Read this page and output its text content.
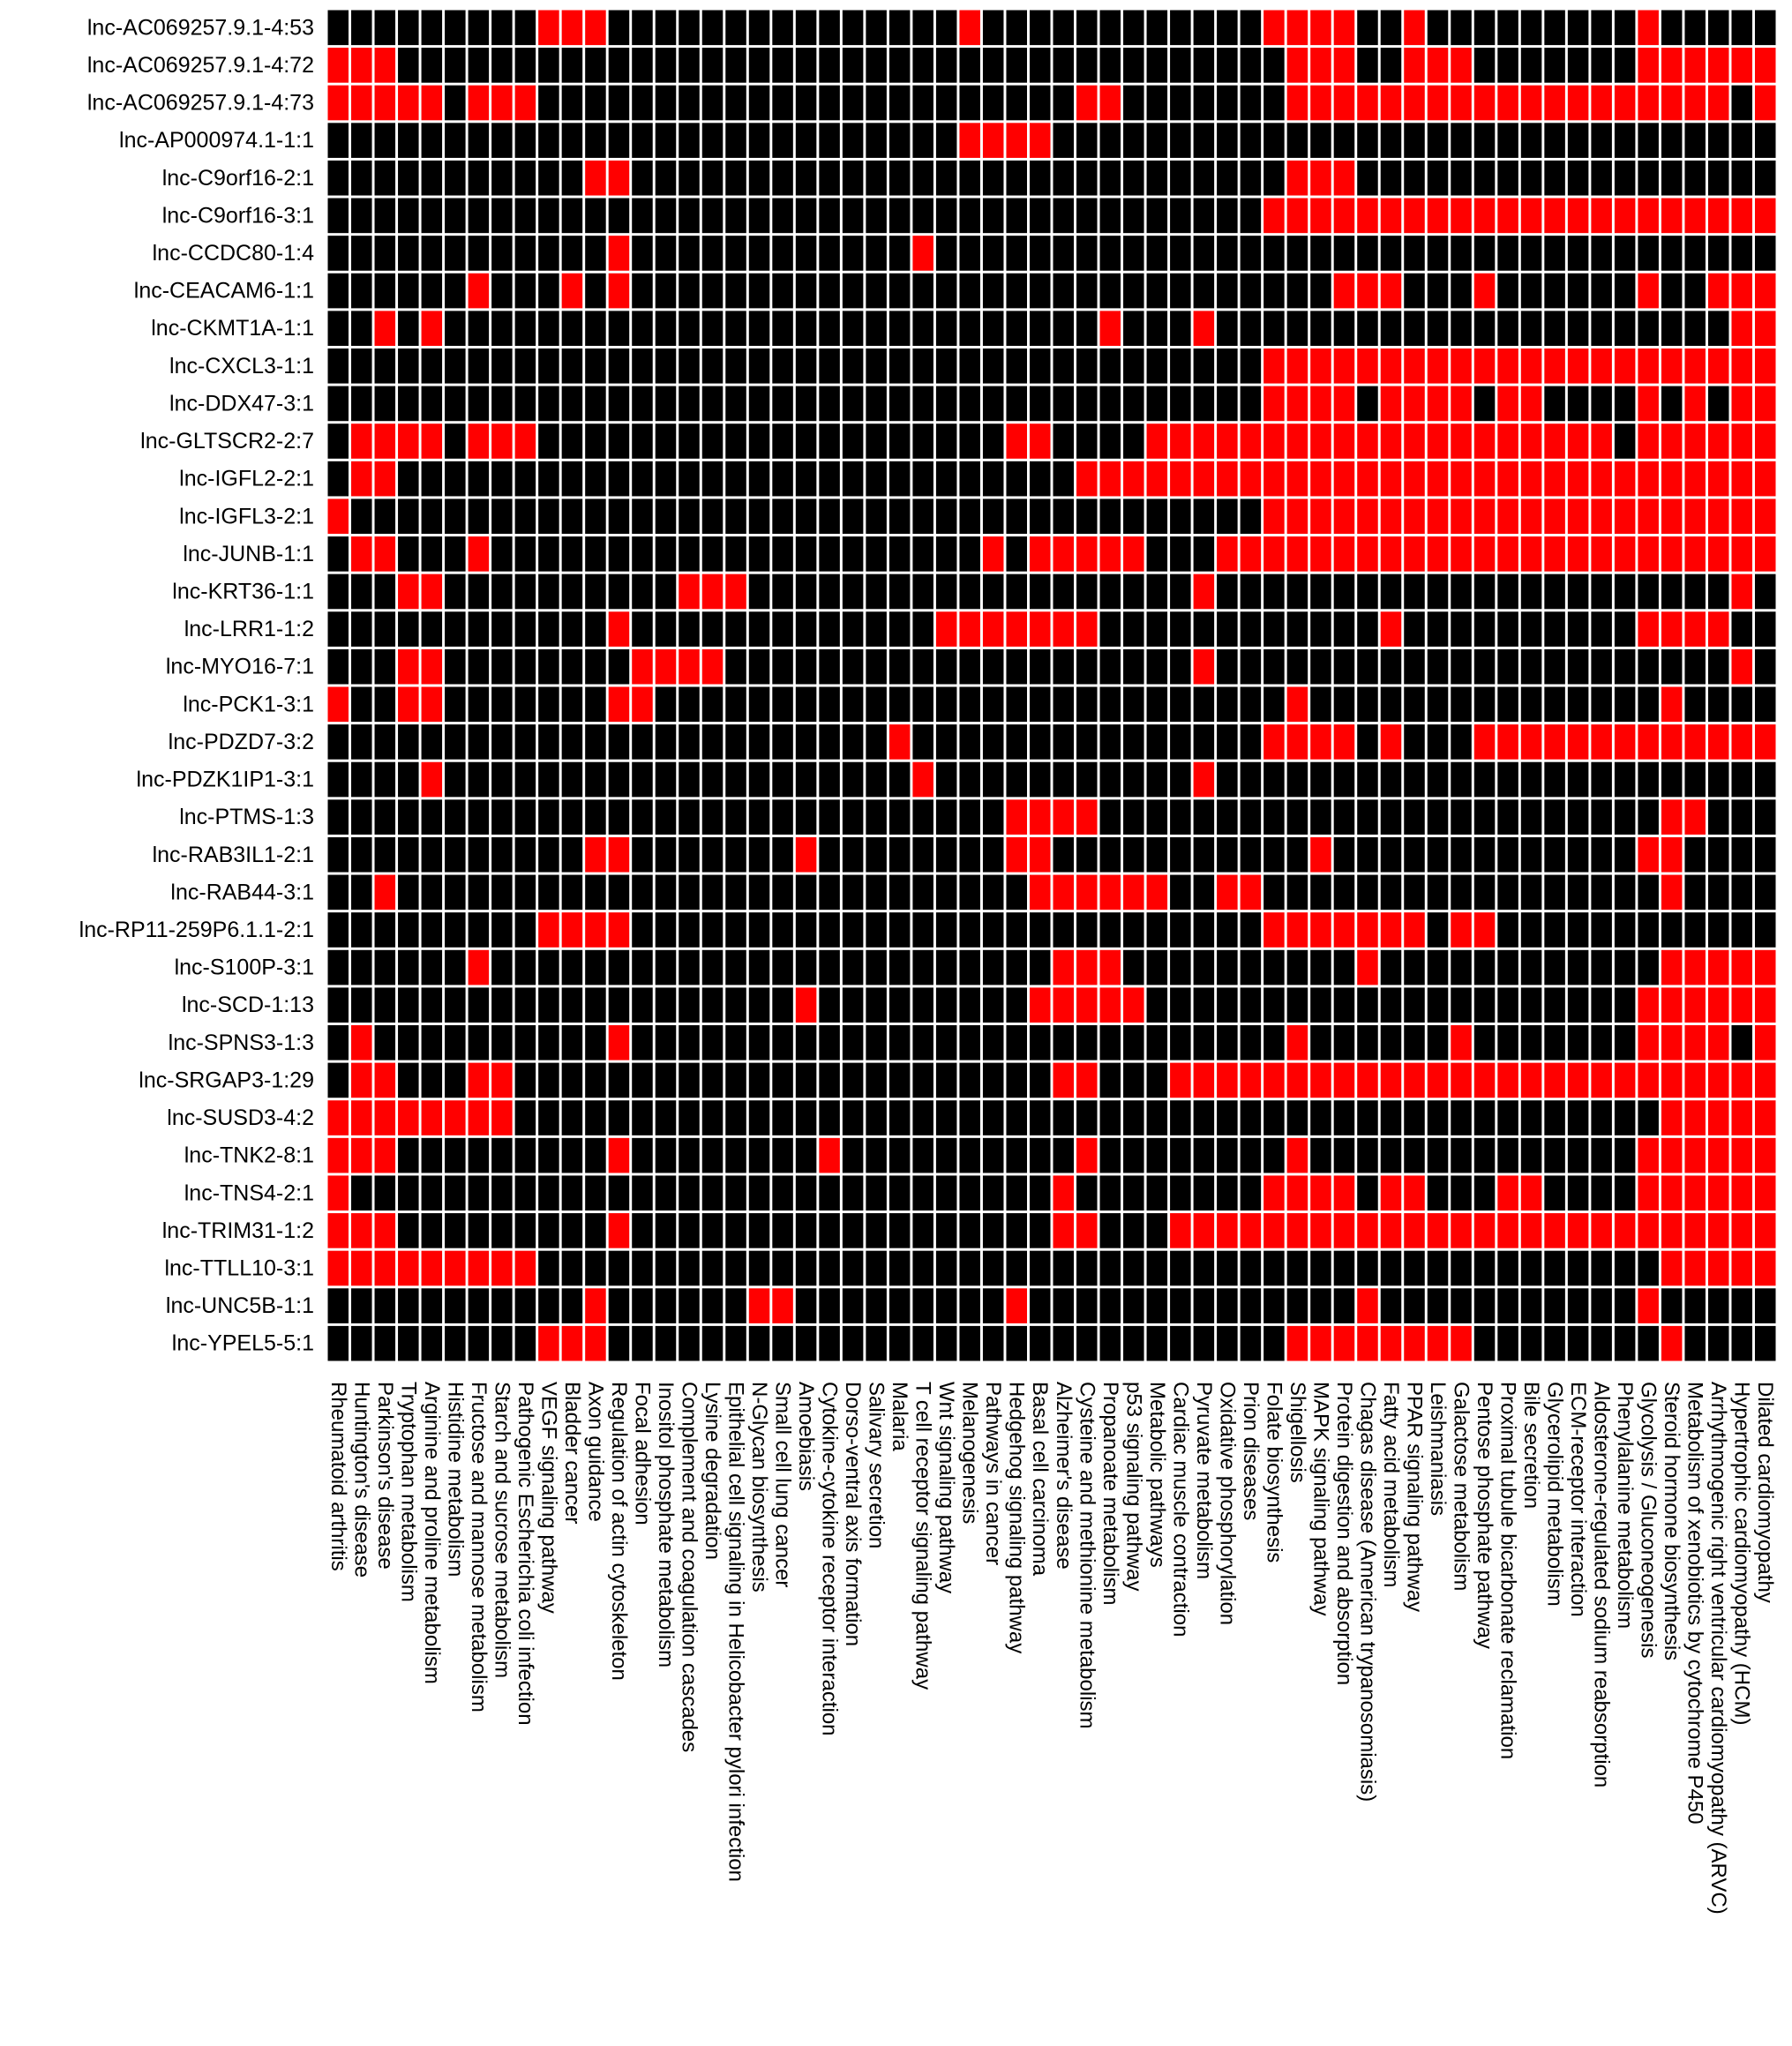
lnc-AC069257.9.1-4:53
lnc-AC069257.9.1-4:72
lnc-AC069257.9.1-4:73
lnc-AP000974.1-1:1
lnc-C9orf16-2:1
lnc-C9orf16-3:1
lnc-CCDC80-1:4
lnc-CEACAM6-1:1
lnc-CKMT1A-1:1
lnc-CXCL3-1:1
lnc-DDX47-3:1
lnc-GLTSCR2-2:7
lnc-IGFL2-2:1
lnc-IGFL3-2:1
lnc-JUNB-1:1
lnc-KRT36-1:1
lnc-LRR1-1:2
lnc-MYO16-7:1
lnc-PCK1-3:1
lnc-PDZD7-3:2
lnc-PDZK1IP1-3:1
lnc-PTMS-1:3
lnc-RAB3IL1-2:1
lnc-RAB44-3:1
lnc-RP11-259P6.1.1-2:1
lnc-S100P-3:1
lnc-SCD-1:13
lnc-SPNS3-1:3
lnc-SRGAP3-1:29
lnc-SUSD3-4:2
lnc-TNK2-8:1
lnc-TNS4-2:1
lnc-TRIM31-1:2
lnc-TTLL10-3:1
lnc-UNC5B-1:1
lnc-YPEL5-5:1
Rheumatoid arthritis Huntington's disease Parkinson's disease Tryptophan metabolism Arginine and proline metabolism Histidine metabolism Fructose and mannose metabolism Starch and sucrose metabolism Pathogenic Escherichia coli infection VEGF signaling pathway Bladder cancer Axon guidance Regulation of actin cytoskeleton Focal adhesion Inositol phosphate metabolism Complement and coagulation cascades Lysine degradation Epithelial cell signaling in Helicobacter pylori infection N-Glycan biosynthesis Small cell lung cancer Amoebiasis Cytokine-cytokine receptor interaction Dorso-ventral axis formation Salivary secretion Malaria T cell receptor signaling pathway Wnt signaling pathway Melanogenesis Pathways in cancer Hedgehog signaling pathway Basal cell carcinoma Alzheimer's disease Cysteine and methionine metabolism Propanoate metabolism p53 signaling pathway Metabolic pathways Cardiac muscle contraction Pyruvate metabolism Oxidative phosphorylation Prion diseases Folate biosynthesis Shigellosis MAPK signaling pathway Protein digestion and absorption Chagas disease (American trypanosomiasis) Fatty acid metabolism PPAR signaling pathway Leishmaniasis Galactose metabolism Pentose phosphate pathway Proximal tubule bicarbonate reclamation Bile secretion Glycerolipid metabolism ECM-receptor interaction Aldosterone-regulated sodium reabsorption Phenylalanine metabolism Glycolysis / Gluconeogenesis Steroid hormone biosynthesis Metabolism of xenobiotics by cytochrome P450 Arrhythmogenic right ventricular cardiomyopathy (ARVC) Hypertrophic cardiomyopathy (HCM) Dilated cardiomyopathy
